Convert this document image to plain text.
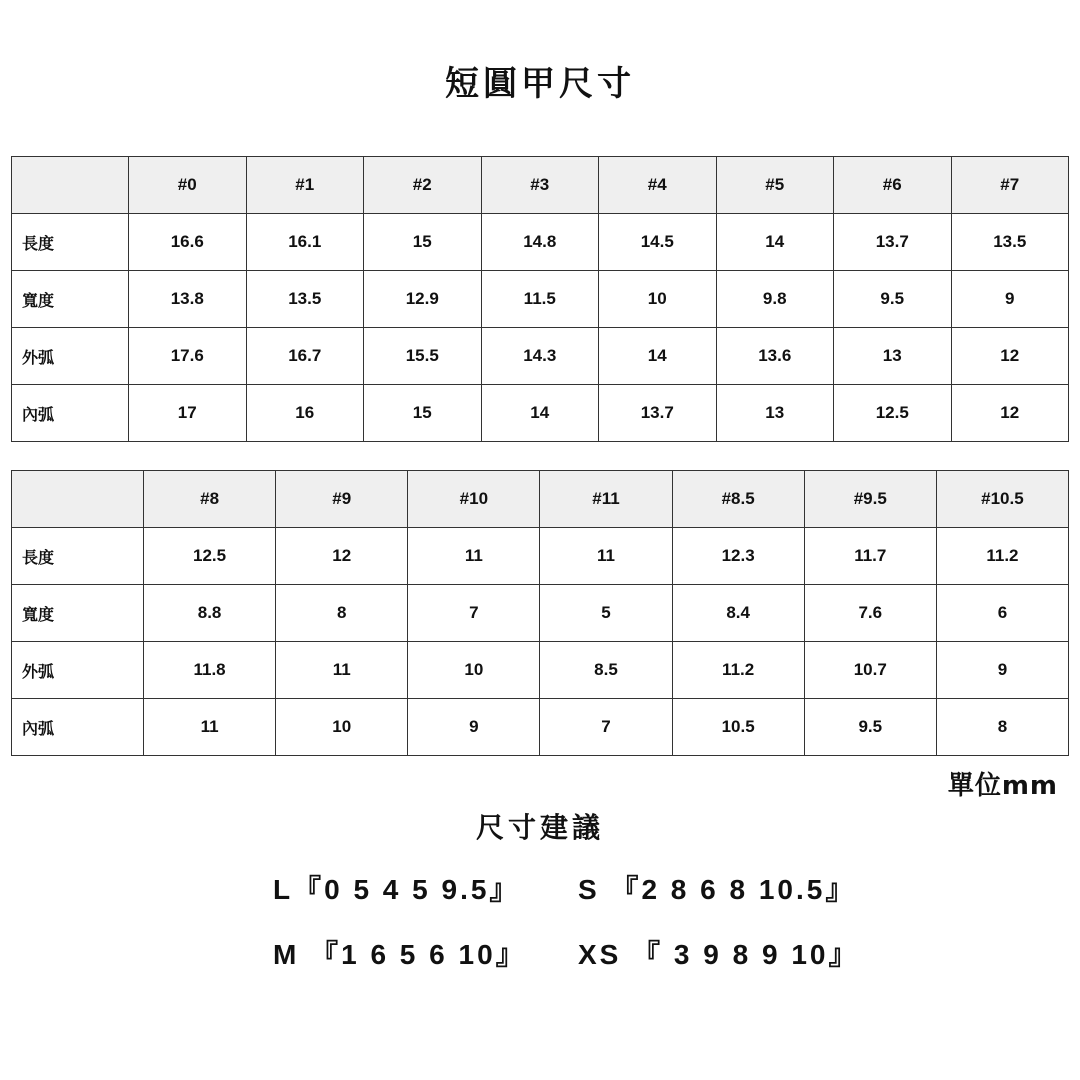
短圓甲尺寸
	#0	#1	#2	#3	#4	#5	#6	#7
長度	16.6	16.1	15	14.8	14.5	14	13.7	13.5
寬度	13.8	13.5	12.9	11.5	10	9.8	9.5	9
外弧	17.6	16.7	15.5	14.3	14	13.6	13	12
內弧	17	16	15	14	13.7	13	12.5	12
	#8	#9	#10	#11	#8.5	#9.5	#10.5
長度	12.5	12	11	11	12.3	11.7	11.2
寬度	8.8	8	7	5	8.4	7.6	6
外弧	11.8	11	10	8.5	11.2	10.7	9
內弧	11	10	9	7	10.5	9.5	8
單位mm
尺寸建議
L『0 5 4 5 9.5』 S 『2 8 6 8 10.5』
M 『1 6 5 6 10』 XS 『 3 9 8 9 10』
